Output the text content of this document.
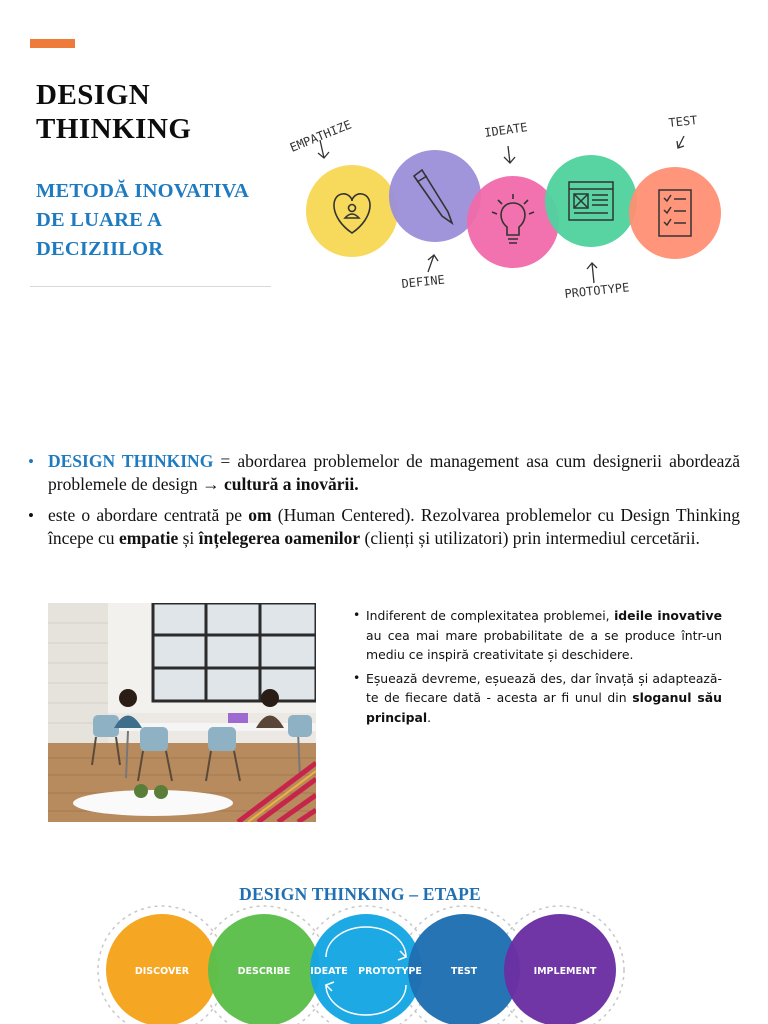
DESIGN
THINKING
METODĂ INOVATIVA
DE LUARE A
DECIZIILOR
EMPATHIZE	IDEATE	TEST
DEFINE	PROTOTYPE
• DESIGN THINKING = abordarea problemelor de management asa cum designerii abordează problemele de design → cultură a inovării.
• este o abordare centrată pe om (Human Centered). Rezolvarea problemelor cu Design Thinking începe cu empatie și înțelegerea oamenilor (clienți și utilizatori) prin intermediul cercetării.
• Indiferent de complexitatea problemei, ideile inovative au cea mai mare probabilitate de a se produce într-un mediu ce inspiră creativitate și deschidere.
• Eșuează devreme, eșuează des, dar învață și adaptează-te de fiecare dată - acesta ar fi unul din sloganul său principal.
DESIGN THINKING – ETAPE
DISCOVER	DESCRIBE IDEATE PROTOTYPE	TEST	IMPLEMENT
